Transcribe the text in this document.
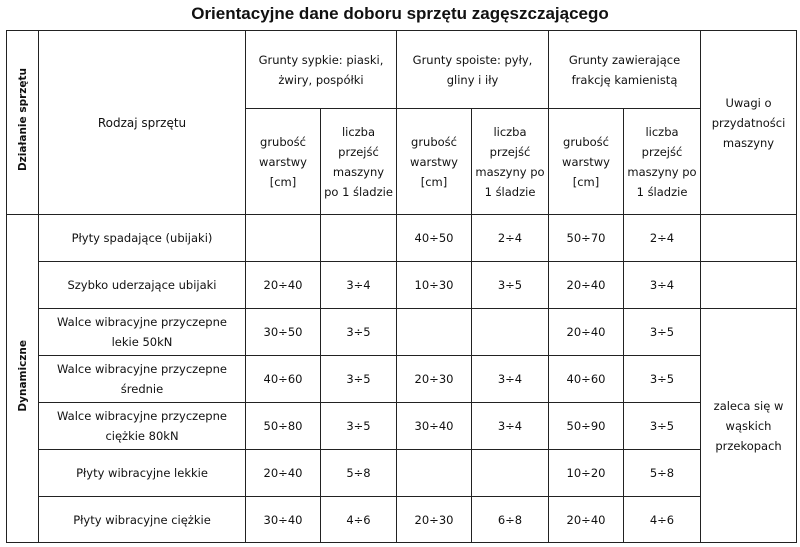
Orientacyjne dane doboru sprzętu zagęszczającego
Działanie sprzętu	Rodzaj sprzętu	Grunty sypkie: piaski, żwiry, pospółki		Grunty spoiste: pyły, gliny i iły		Grunty zawierające frakcję kamienistą		Uwagi o przydatności maszyny
		grubość warstwy [cm]	liczba przejść maszyny po 1 śladzie	grubość warstwy [cm]	liczba przejść maszyny po 1 śladzie	grubość warstwy [cm]	liczba przejść maszyny po 1 śladzie	
Dynamiczne	Płyty spadające (ubijaki)			40÷50	2÷4	50÷70	2÷4	
	Szybko uderzające ubijaki	20÷40	3÷4	10÷30	3÷5	20÷40	3÷4	
	Walce wibracyjne przyczepne lekie 50kN	30÷50	3÷5			20÷40	3÷5	zaleca się w wąskich przekopach
	Walce wibracyjne przyczepne średnie	40÷60	3÷5	20÷30	3÷4	40÷60	3÷5	
	Walce wibracyjne przyczepne ciężkie 80kN	50÷80	3÷5	30÷40	3÷4	50÷90	3÷5	
	Płyty wibracyjne lekkie	20÷40	5÷8			10÷20	5÷8	
	Płyty wibracyjne ciężkie	30÷40	4÷6	20÷30	6÷8	20÷40	4÷6	
